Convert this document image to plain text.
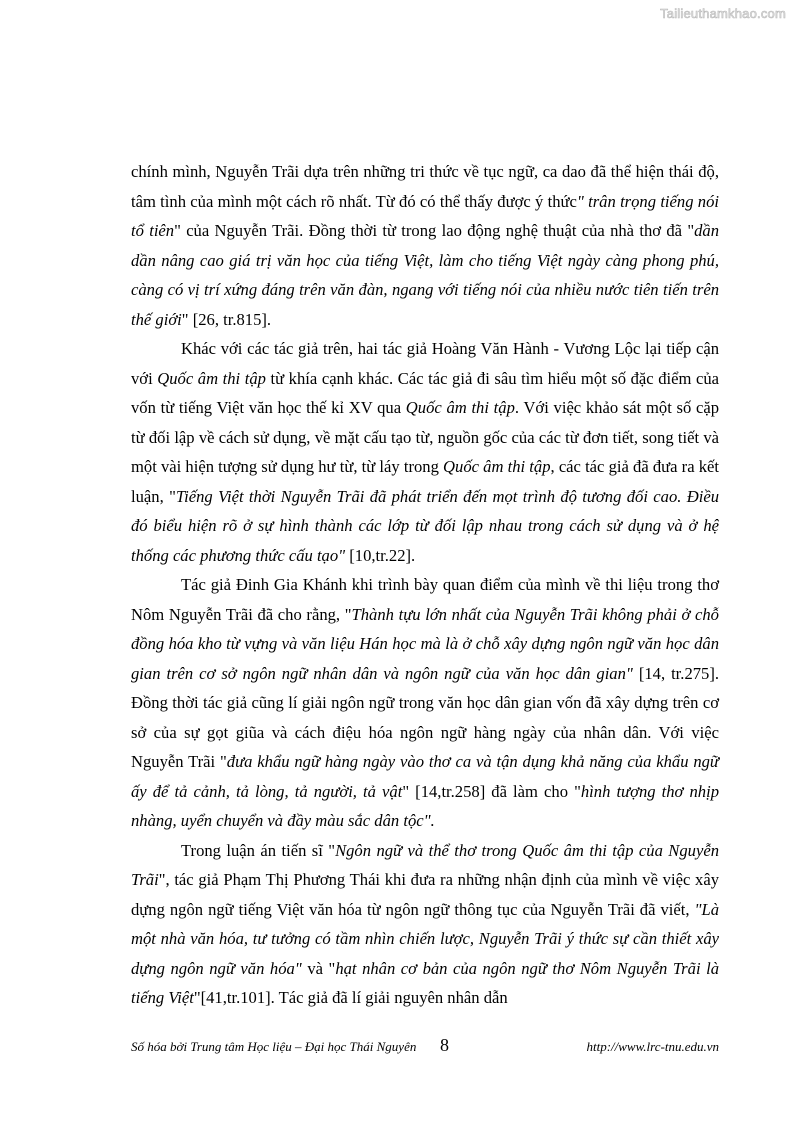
Tailieuthamkhao.com

chính mình, Nguyễn Trãi dựa trên những tri thức về tục ngữ, ca dao đã thể hiện thái độ, tâm tình của mình một cách rõ nhất. Từ đó có thể thấy được ý thức" trân trọng tiếng nói tổ tiên" của Nguyễn Trãi. Đồng thời từ trong lao động nghệ thuật của nhà thơ đã "dần dần nâng cao giá trị văn học của tiếng Việt, làm cho tiếng Việt ngày càng phong phú, càng có vị trí xứng đáng trên văn đàn, ngang với tiếng nói của nhiều nước tiên tiến trên thế giới" [26, tr.815].

Khác với các tác giả trên, hai tác giả Hoàng Văn Hành - Vương Lộc lại tiếp cận với Quốc âm thi tập từ khía cạnh khác. Các tác giả đi sâu tìm hiểu một số đặc điểm của vốn từ tiếng Việt văn học thế kỉ XV qua Quốc âm thi tập. Với việc khảo sát một số cặp từ đối lập về cách sử dụng, về mặt cấu tạo từ, nguồn gốc của các từ đơn tiết, song tiết và một vài hiện tượng sử dụng hư từ, từ láy trong Quốc âm thi tập, các tác giả đã đưa ra kết luận, "Tiếng Việt thời Nguyễn Trãi đã phát triển đến mọt trình độ tương đối cao. Điều đó biểu hiện rõ ở sự hình thành các lớp từ đối lập nhau trong cách sử dụng và ở hệ thống các phương thức cấu tạo" [10,tr.22].

Tác giả Đinh Gia Khánh khi trình bày quan điểm của mình về thi liệu trong thơ Nôm Nguyễn Trãi đã cho rằng, "Thành tựu lớn nhất của Nguyễn Trãi không phải ở chỗ đồng hóa kho từ vựng và văn liệu Hán học mà là ở chỗ xây dựng ngôn ngữ văn học dân gian trên cơ sở ngôn ngữ nhân dân và ngôn ngữ của văn học dân gian" [14, tr.275]. Đồng thời tác giả cũng lí giải ngôn ngữ trong văn học dân gian vốn đã xây dựng trên cơ sở của sự gọt giũa và cách điệu hóa ngôn ngữ hàng ngày của nhân dân. Với việc Nguyễn Trãi "đưa khẩu ngữ hàng ngày vào thơ ca và tận dụng khả năng của khẩu ngữ ấy để tả cảnh, tả lòng, tả người, tả vật" [14,tr.258] đã làm cho "hình tượng thơ nhịp nhàng, uyển chuyển và đầy màu sắc dân tộc".

Trong luận án tiến sĩ "Ngôn ngữ và thể thơ trong Quốc âm thi tập của Nguyễn Trãi", tác giả Phạm Thị Phương Thái khi đưa ra những nhận định của mình về việc xây dựng ngôn ngữ tiếng Việt văn hóa từ ngôn ngữ thông tục của Nguyễn Trãi đã viết, "Là một nhà văn hóa, tư tưởng có tầm nhìn chiến lược, Nguyễn Trãi ý thức sự cần thiết xây dựng ngôn ngữ văn hóa" và "hạt nhân cơ bản của ngôn ngữ thơ Nôm Nguyễn Trãi là tiếng Việt"[41,tr.101]. Tác giả đã lí giải nguyên nhân dẫn

Số hóa bởi Trung tâm Học liệu – Đại học Thái Nguyên 8	http://www.lrc-tnu.edu.vn
